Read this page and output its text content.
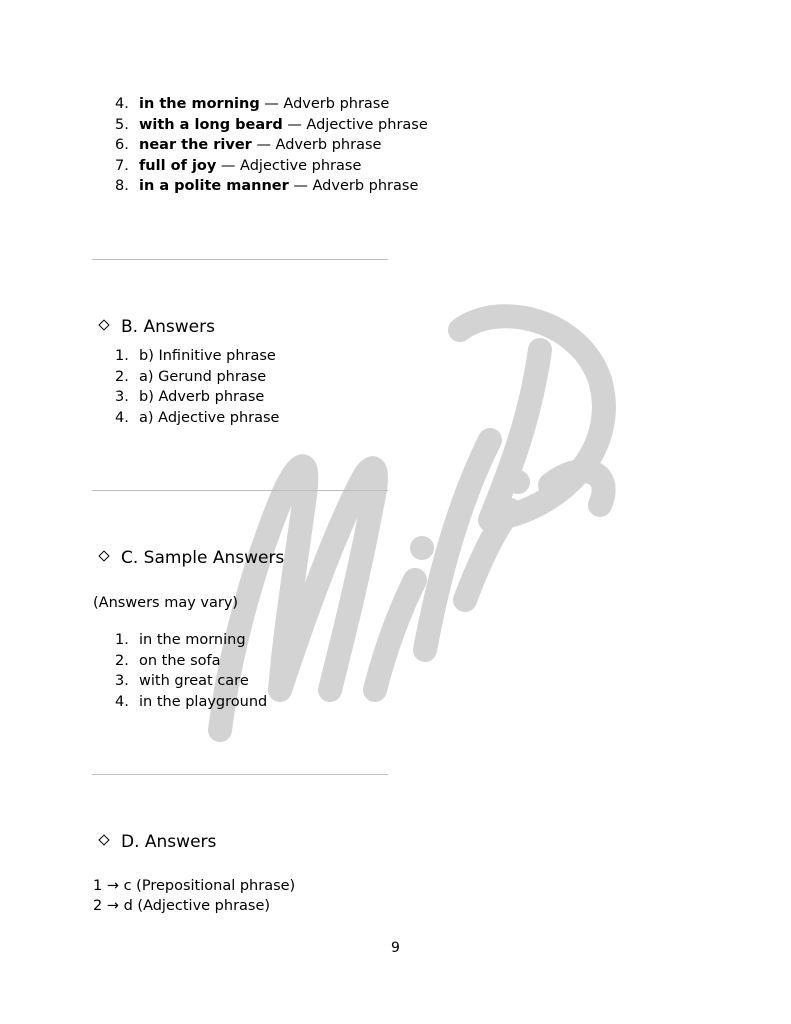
4. in the morning — Adverb phrase
5. with a long beard — Adjective phrase
6. near the river — Adverb phrase
7. full of joy — Adjective phrase
8. in a polite manner — Adverb phrase
B. Answers
1. b) Infinitive phrase
2. a) Gerund phrase
3. b) Adverb phrase
4. a) Adjective phrase
C. Sample Answers
(Answers may vary)
1. in the morning
2. on the sofa
3. with great care
4. in the playground
D. Answers
1 → c (Prepositional phrase)
2 → d (Adjective phrase)
9
